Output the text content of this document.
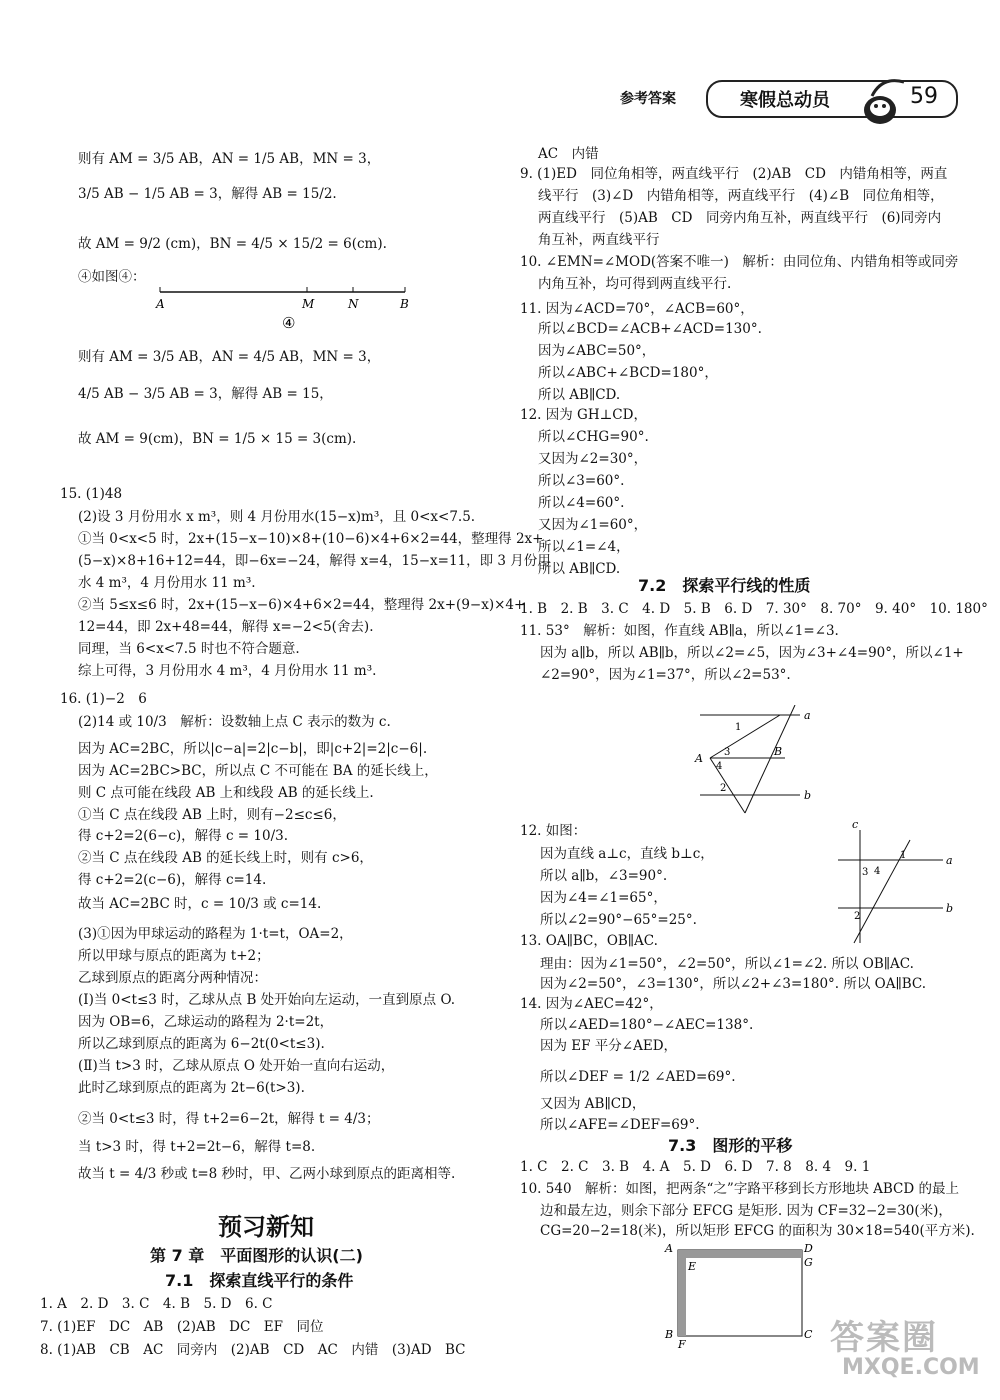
参考答案	寒假总动员	59
则有 AM = 3/5 AB，AN = 1/5 AB，MN = 3，
3/5 AB − 1/5 AB = 3，解得 AB = 15/2.
故 AM = 9/2 (cm)，BN = 4/5 × 15/2 = 6(cm).
④如图④：
则有 AM = 3/5 AB，AN = 4/5 AB，MN = 3，
4/5 AB − 3/5 AB = 3，解得 AB = 15，
故 AM = 9(cm)，BN = 1/5 × 15 = 3(cm).
15. (1)48
(2)设 3 月份用水 x m³，则 4 月份用水(15−x)m³，且 0<x<7.5.
①当 0<x<5 时，2x+(15−x−10)×8+(10−6)×4+6×2=44，整理得 2x+
(5−x)×8+16+12=44，即−6x=−24，解得 x=4，15−x=11，即 3 月份用
水 4 m³，4 月份用水 11 m³.
②当 5≤x≤6 时，2x+(15−x−6)×4+6×2=44，整理得 2x+(9−x)×4+
12=44，即 2x+48=44，解得 x=−2<5(舍去).
同理，当 6<x<7.5 时也不符合题意.
综上可得，3 月份用水 4 m³，4 月份用水 11 m³.
16. (1)−2　6
(2)14 或 10/3　解析：设数轴上点 C 表示的数为 c.
因为 AC=2BC，所以|c−a|=2|c−b|，即|c+2|=2|c−6|.
因为 AC=2BC>BC，所以点 C 不可能在 BA 的延长线上，
则 C 点可能在线段 AB 上和线段 AB 的延长线上.
①当 C 点在线段 AB 上时，则有−2≤c≤6，
得 c+2=2(6−c)，解得 c = 10/3.
②当 C 点在线段 AB 的延长线上时，则有 c>6，
得 c+2=2(c−6)，解得 c=14.
故当 AC=2BC 时，c = 10/3 或 c=14.
(3)①因为甲球运动的路程为 1·t=t，OA=2，
所以甲球与原点的距离为 t+2；
乙球到原点的距离分两种情况：
(Ⅰ)当 0<t≤3 时，乙球从点 B 处开始向左运动，一直到原点 O.
因为 OB=6，乙球运动的路程为 2·t=2t，
所以乙球到原点的距离为 6−2t(0<t≤3).
(Ⅱ)当 t>3 时，乙球从原点 O 处开始一直向右运动，
此时乙球到原点的距离为 2t−6(t>3).
②当 0<t≤3 时，得 t+2=6−2t，解得 t = 4/3；
当 t>3 时，得 t+2=2t−6，解得 t=8.
故当 t = 4/3 秒或 t=8 秒时，甲、乙两小球到原点的距离相等.
A	M	N	B
④
预习新知
第 7 章　平面图形的认识(二)
7.1　探索直线平行的条件
1. A　2. D　3. C　4. B　5. D　6. C
7. (1)EF　DC　AB　(2)AB　DC　EF　同位
8. (1)AB　CB　AC　同旁内　(2)AB　CD　AC　内错　(3)AD　BC
AC　内错
9. (1)ED　同位角相等，两直线平行　(2)AB　CD　内错角相等，两直
线平行　(3)∠D　内错角相等，两直线平行　(4)∠B　同位角相等，
两直线平行　(5)AB　CD　同旁内角互补，两直线平行　(6)同旁内
角互补，两直线平行
10. ∠EMN=∠MOD(答案不唯一)　解析：由同位角、内错角相等或同旁
内角互补，均可得到两直线平行.
11. 因为∠ACD=70°，∠ACB=60°，
所以∠BCD=∠ACB+∠ACD=130°.
因为∠ABC=50°，
所以∠ABC+∠BCD=180°，
所以 AB∥CD.
12. 因为 GH⊥CD，
所以∠CHG=90°.
又因为∠2=30°，
所以∠3=60°.
所以∠4=60°.
又因为∠1=60°，
所以∠1=∠4，
所以 AB∥CD.
7.2　探索平行线的性质
1. B　2. B　3. C　4. D　5. B　6. D　7. 30°　8. 70°　9. 40°　10. 180°
11. 53°　解析：如图，作直线 AB∥a，所以∠1=∠3.
因为 a∥b，所以 AB∥b，所以∠2=∠5，因为∠3+∠4=90°，所以∠1+
∠2=90°，因为∠1=37°，所以∠2=53°.
12. 如图：
因为直线 a⊥c，直线 b⊥c，
所以 a∥b，∠3=90°.
因为∠4=∠1=65°，
所以∠2=90°−65°=25°.
13. OA∥BC，OB∥AC.
理由：因为∠1=50°，∠2=50°，所以∠1=∠2. 所以 OB∥AC.
因为∠2=50°，∠3=130°，所以∠2+∠3=180°. 所以 OA∥BC.
14. 因为∠AEC=42°，
所以∠AED=180°−∠AEC=138°.
因为 EF 平分∠AED，
所以∠DEF = 1/2 ∠AED=69°.
又因为 AB∥CD，
所以∠AFE=∠DEF=69°.
a
b
A
B
1
2
3
4
c
a
b
1
2
3 4
7.3　图形的平移
1. C　2. C　3. B　4. A　5. D　6. D　7. 8　8. 4　9. 1
10. 540　解析：如图，把两条“之”字路平移到长方形地块 ABCD 的最上
边和最左边，则余下部分 EFCG 是矩形. 因为 CF=32−2=30(米)，
CG=20−2=18(米)，所以矩形 EFCG 的面积为 30×18=540(平方米).
A	D
E	G
B
F
C 答案圈
MXQE.COM
